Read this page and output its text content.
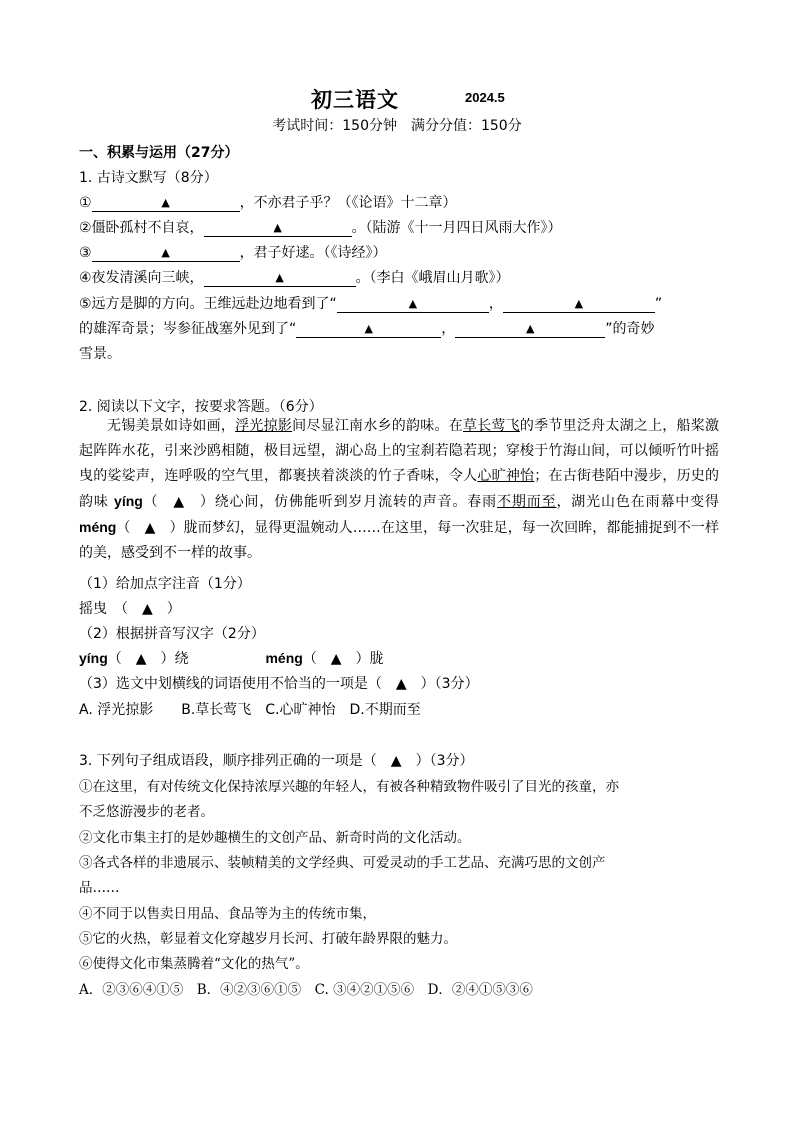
初三语文	2024.5
考试时间：150分钟　满分分值：150分
一、积累与运用（27分）
1. 古诗文默写（8分）
①	▲	，不亦君子乎？（《论语》十二章）
②僵卧孤村不自哀，	▲	。（陆游《十一月四日风雨大作》）
③	▲	，君子好逑。（《诗经》）
④夜发清溪向三峡，	▲	。（李白《峨眉山月歌》）
⑤远方是脚的方向。王维远赴边地看到了“	▲	，	▲	”
的雄浑奇景；岑参征战塞外见到了“	▲	，	▲	”的奇妙
雪景。
2. 阅读以下文字，按要求答题。（6分）
无锡美景如诗如画，浮光掠影间尽显江南水乡的韵味。在草长莺飞的季节里泛舟太湖之上，船桨激起阵阵水花，引来沙鸥相随，极目远望，湖心岛上的宝刹若隐若现；穿梭于竹海山间，可以倾听竹叶摇曳的娑娑声，连呼吸的空气里，都裹挟着淡淡的竹子香味，令人心旷神怡；在古街巷陌中漫步，历史的韵味 yíng（　▲　）绕心间，仿佛能听到岁月流转的声音。春雨不期而至，湖光山色在雨幕中变得 méng（　▲　）胧而梦幻，显得更温婉动人……在这里，每一次驻足，每一次回眸，都能捕捉到不一样的美，感受到不一样的故事。
（1）给加点字注音（1分）
摇曳　（　▲　）
（2）根据拼音写汉字（2分）
yíng（　▲　）绕	méng（　▲　）胧
（3）选文中划横线的词语使用不恰当的一项是（　▲　）（3分）
A. 浮光掠影　　B.草长莺飞　C.心旷神怡　D.不期而至
3. 下列句子组成语段，顺序排列正确的一项是（　▲　）（3分）
①在这里，有对传统文化保持浓厚兴趣的年轻人，有被各种精致物件吸引了目光的孩童，亦
不乏悠游漫步的老者。
②文化市集主打的是妙趣横生的文创产品、新奇时尚的文化活动。
③各式各样的非遗展示、装帧精美的文学经典、可爱灵动的手工艺品、充满巧思的文创产
品……
④不同于以售卖日用品、食品等为主的传统市集，
⑤它的火热，彰显着文化穿越岁月长河、打破年龄界限的魅力。
⑥使得文化市集蒸腾着“文化的热气”。
A．②③⑥④①⑤　B．④②③⑥①⑤　C. ③④②①⑤⑥　D．②④①⑤③⑥
